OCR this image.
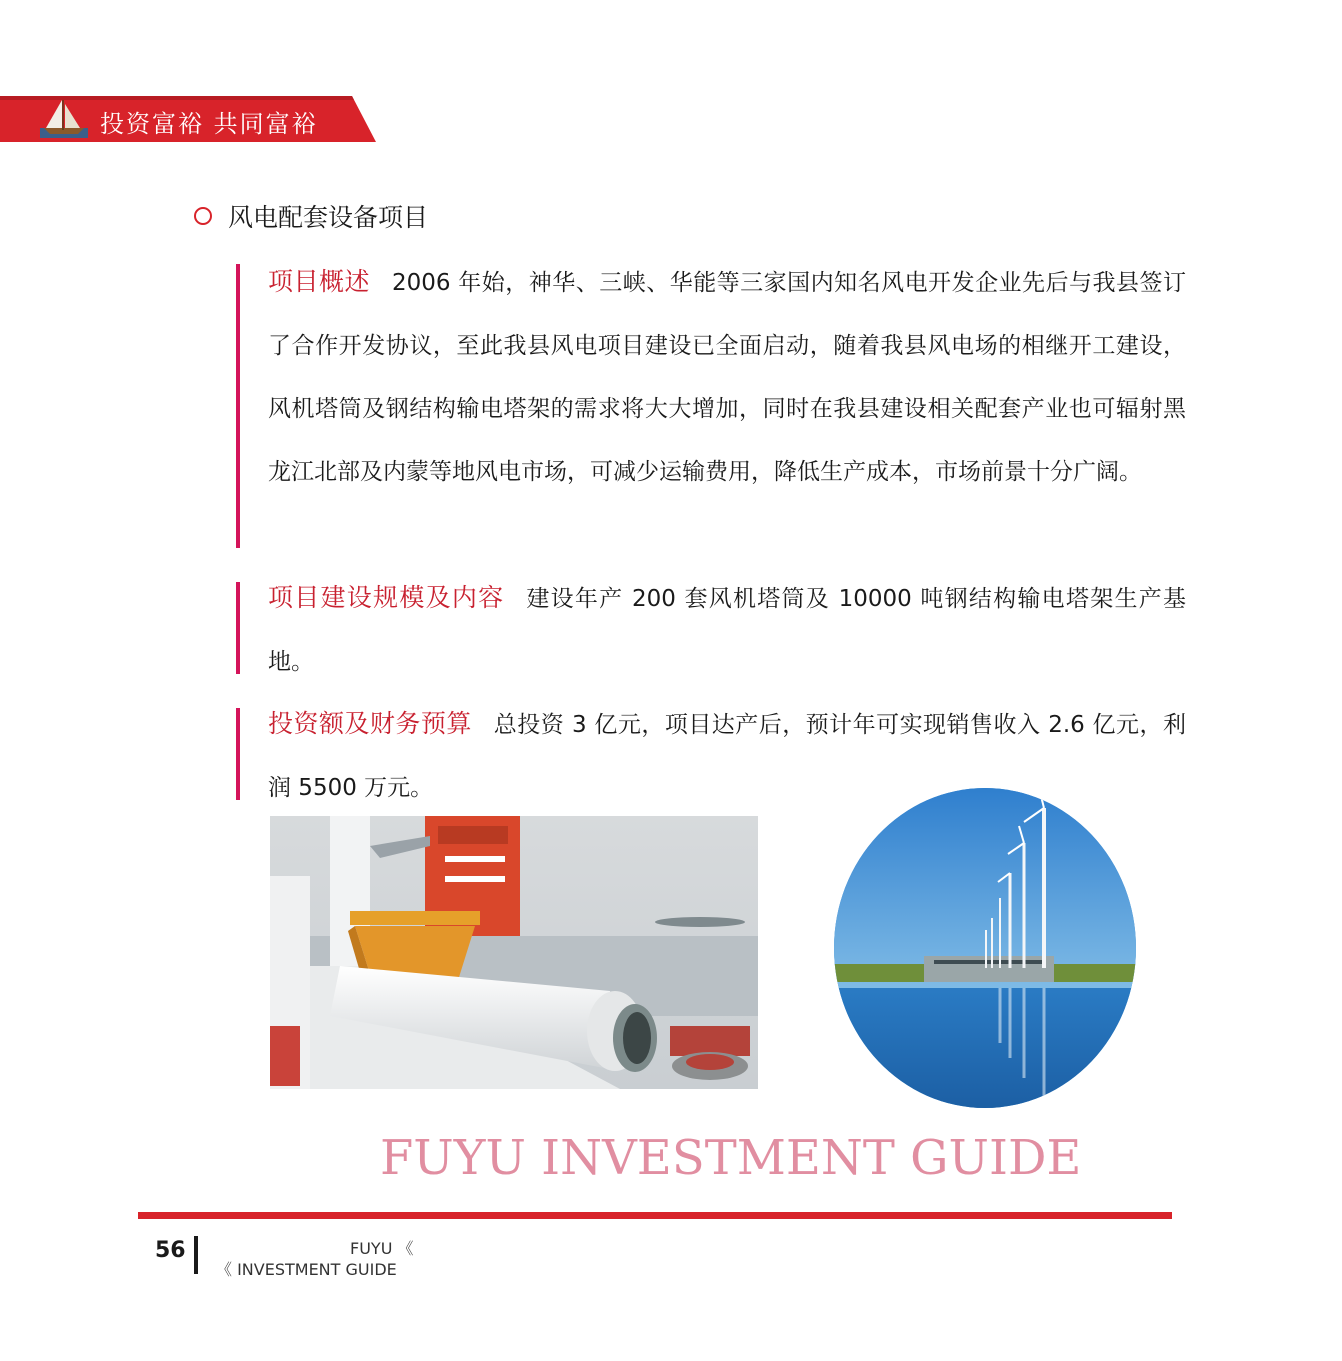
投资富裕 共同富裕
风电配套设备项目
项目概述 2006 年始，神华、三峡、华能等三家国内知名风电开发企业先后与我县签订了合作开发协议，至此我县风电项目建设已全面启动，随着我县风电场的相继开工建设，风机塔筒及钢结构输电塔架的需求将大大增加，同时在我县建设相关配套产业也可辐射黑龙江北部及内蒙等地风电市场，可减少运输费用，降低生产成本，市场前景十分广阔。
项目建设规模及内容 建设年产 200 套风机塔筒及 10000 吨钢结构输电塔架生产基地。
投资额及财务预算 总投资 3 亿元，项目达产后，预计年可实现销售收入 2.6 亿元，利润 5500 万元。
FUYU INVESTMENT GUIDE
56	FUYU 《
《 INVESTMENT GUIDE
